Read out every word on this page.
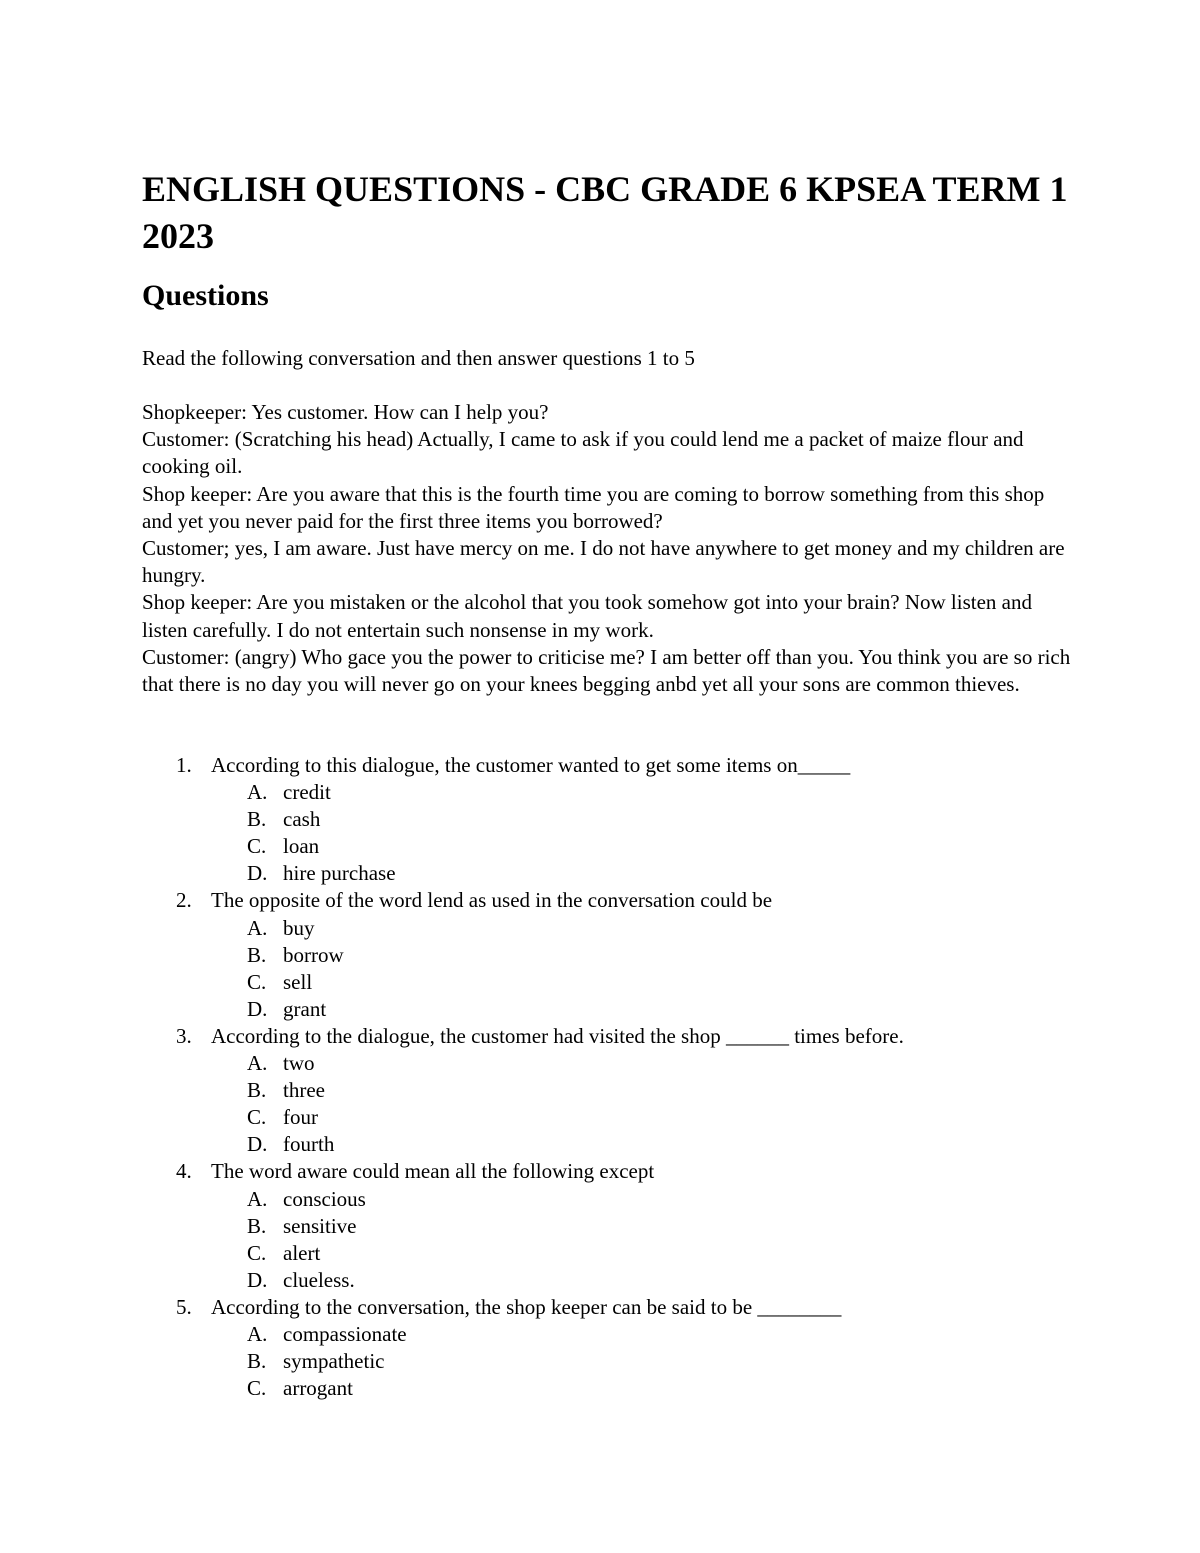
ENGLISH QUESTIONS - CBC GRADE 6 KPSEA TERM 1 2023
Questions

Read the following conversation and then answer questions 1 to 5

Shopkeeper: Yes customer. How can I help you?

Customer: (Scratching his head) Actually, I came to ask if you could lend me a packet of maize flour and cooking oil.

Shop keeper: Are you aware that this is the fourth time you are coming to borrow something from this shop and yet you never paid for the first three items you borrowed?

Customer; yes, I am aware. Just have mercy on me. I do not have anywhere to get money and my children are hungry.

Shop keeper: Are you mistaken or the alcohol that you took somehow got into your brain? Now listen and listen carefully. I do not entertain such nonsense in my work.

Customer: (angry) Who gace you the power to criticise me? I am better off than you. You think you are so rich that there is no day you will never go on your knees begging anbd yet all your sons are common thieves.

1. According to this dialogue, the customer wanted to get some items on_____
A. credit
B. cash
C. loan
D. hire purchase
2. The opposite of the word lend as used in the conversation could be
A. buy
B. borrow
C. sell
D. grant
3. According to the dialogue, the customer had visited the shop ______ times before.
A. two
B. three
C. four
D. fourth
4. The word aware could mean all the following except
A. conscious
B. sensitive
C. alert
D. clueless.
5. According to the conversation, the shop keeper can be said to be ________
A. compassionate
B. sympathetic
C. arrogant
